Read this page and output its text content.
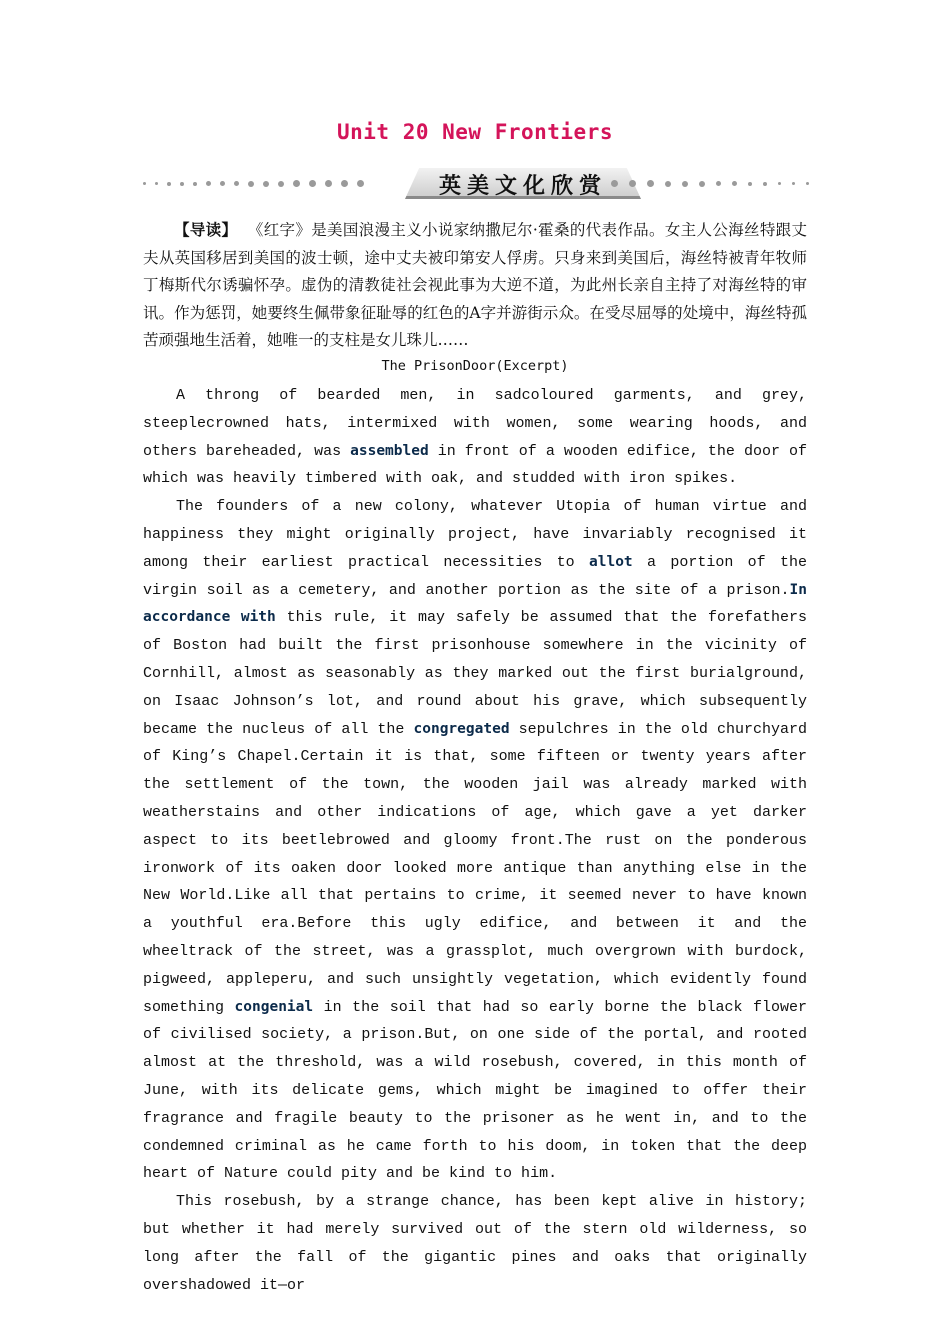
Unit 20 New Frontiers
英美文化欣赏
【导读】 《红字》是美国浪漫主义小说家纳撒尼尔·霍桑的代表作品。女主人公海丝特跟丈夫从英国移居到美国的波士顿，途中丈夫被印第安人俘虏。只身来到美国后，海丝特被青年牧师丁梅斯代尔诱骗怀孕。虚伪的清教徒社会视此事为大逆不道，为此州长亲自主持了对海丝特的审讯。作为惩罚，她要终生佩带象征耻辱的红色的A字并游街示众。在受尽屈辱的处境中，海丝特孤苦顽强地生活着，她唯一的支柱是女儿珠儿……
The PrisonDoor(Excerpt)

A throng of bearded men, in sadcoloured garments, and grey, steeplecrowned hats, intermixed with women, some wearing hoods, and others bareheaded, was assembled in front of a wooden edifice, the door of which was heavily timbered with oak, and studded with iron spikes.

The founders of a new colony, whatever Utopia of human virtue and happiness they might originally project, have invariably recognised it among their earliest practical necessities to allot a portion of the virgin soil as a cemetery, and another portion as the site of a prison.In accordance with this rule, it may safely be assumed that the forefathers of Boston had built the first prisonhouse somewhere in the vicinity of Cornhill, almost as seasonably as they marked out the first burialground, on Isaac Johnson’s lot, and round about his grave, which subsequently became the nucleus of all the congregated sepulchres in the old churchyard of King’s Chapel.Certain it is that, some fifteen or twenty years after the settlement of the town, the wooden jail was already marked with weatherstains and other indications of age, which gave a yet darker aspect to its beetlebrowed and gloomy front.The rust on the ponderous ironwork of its oaken door looked more antique than anything else in the New World.Like all that pertains to crime, it seemed never to have known a youthful era.Before this ugly edifice, and between it and the wheeltrack of the street, was a grassplot, much overgrown with burdock, pigweed, appleperu, and such unsightly vegetation, which evidently found something congenial in the soil that had so early borne the black flower of civilised society, a prison.But, on one side of the portal, and rooted almost at the threshold, was a wild rosebush, covered, in this month of June, with its delicate gems, which might be imagined to offer their fragrance and fragile beauty to the prisoner as he went in, and to the condemned criminal as he came forth to his doom, in token that the deep heart of Nature could pity and be kind to him.

This rosebush, by a strange chance, has been kept alive in history; but whether it had merely survived out of the stern old wilderness, so long after the fall of the gigantic pines and oaks that originally overshadowed it—or
